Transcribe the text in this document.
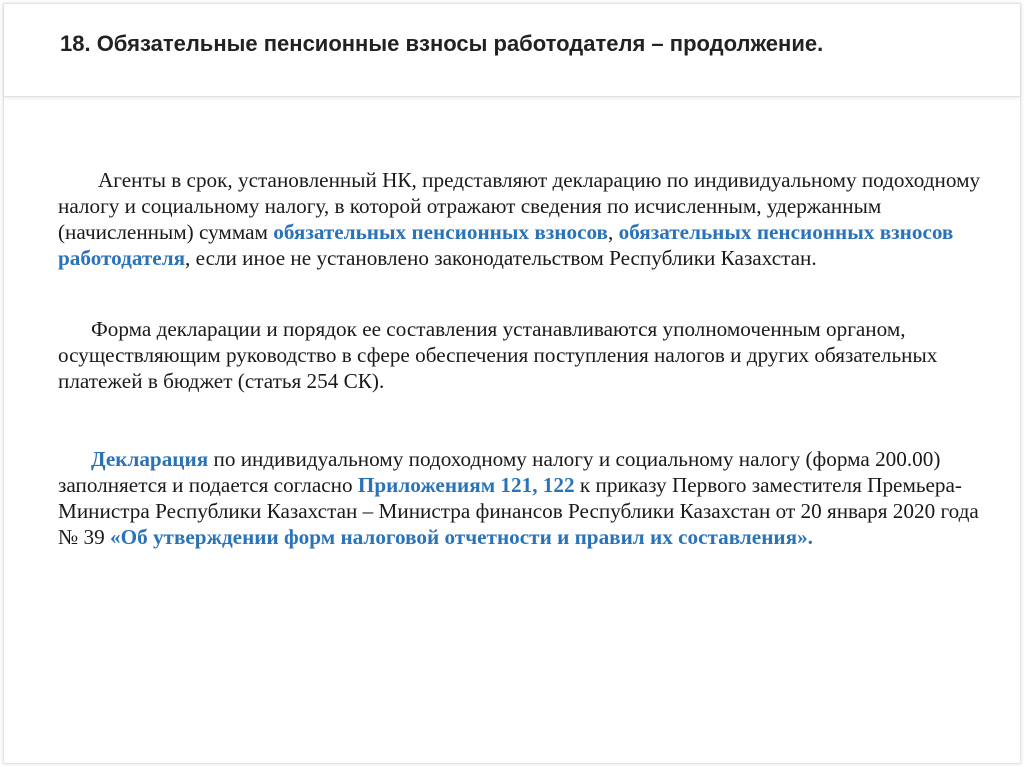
18. Обязательные пенсионные взносы работодателя – продолжение.

Агенты в срок, установленный НК, представляют декларацию по индивидуальному подоходному налогу и социальному налогу, в которой отражают сведения по исчисленным, удержанным (начисленным) суммам обязательных пенсионных взносов, обязательных пенсионных взносов работодателя, если иное не установлено законодательством Республики Казахстан.

Форма декларации и порядок ее составления устанавливаются уполномоченным органом, осуществляющим руководство в сфере обеспечения поступления налогов и других обязательных платежей в бюджет (статья 254 СК).

Декларация по индивидуальному подоходному налогу и социальному налогу (форма 200.00) заполняется и подается согласно Приложениям 121, 122 к приказу Первого заместителя Премьера-Министра Республики Казахстан – Министра финансов Республики Казахстан от 20 января 2020 года № 39 «Об утверждении форм налоговой отчетности и правил их составления».
